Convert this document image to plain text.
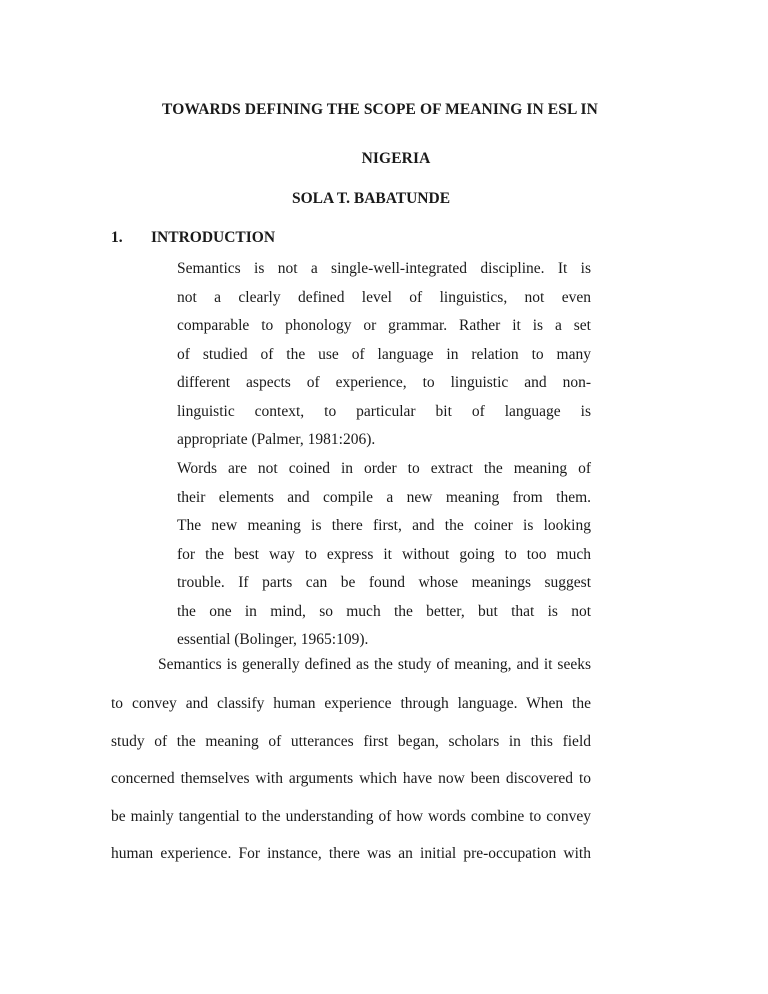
TOWARDS DEFINING THE SCOPE OF MEANING IN ESL IN
NIGERIA
SOLA T. BABATUNDE
1. INTRODUCTION
Semantics is not a single-well-integrated discipline. It is
not a clearly defined level of linguistics, not even
comparable to phonology or grammar. Rather it is a set
of studied of the use of language in relation to many
different aspects of experience, to linguistic and non-
linguistic context, to particular bit of language is
appropriate (Palmer, 1981:206).
Words are not coined in order to extract the meaning of
their elements and compile a new meaning from them.
The new meaning is there first, and the coiner is looking
for the best way to express it without going to too much
trouble. If parts can be found whose meanings suggest
the one in mind, so much the better, but that is not
essential (Bolinger, 1965:109).
Semantics is generally defined as the study of meaning, and it seeks
to convey and classify human experience through language. When the
study of the meaning of utterances first began, scholars in this field
concerned themselves with arguments which have now been discovered to
be mainly tangential to the understanding of how words combine to convey
human experience. For instance, there was an initial pre-occupation with
